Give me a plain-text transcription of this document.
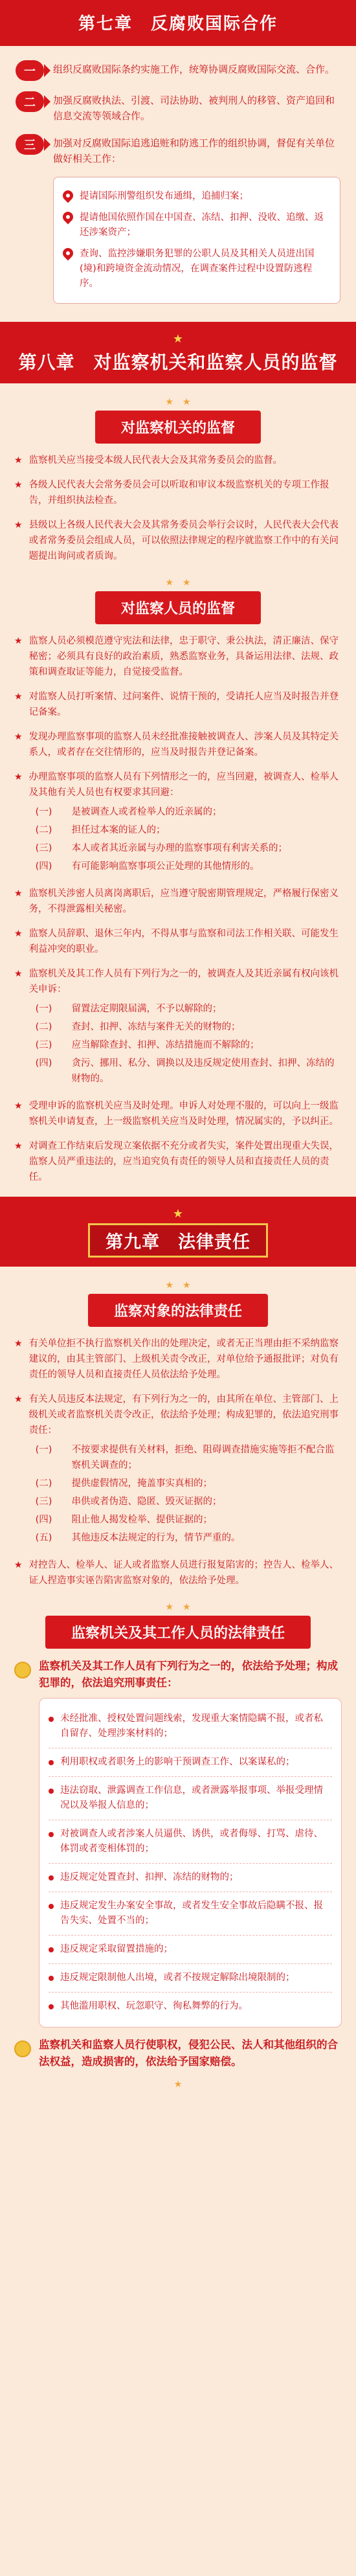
第七章　反腐败国际合作
一	组织反腐败国际条约实施工作，统筹协调反腐败国际交流、合作。
二	加强反腐败执法、引渡、司法协助、被判刑人的移管、资产追回和信息交流等领域合作。
三	加强对反腐败国际追逃追赃和防逃工作的组织协调，督促有关单位做好相关工作：
提请国际刑警组织发布通缉，追捕归案；
提请他国依照作国在中国查、冻结、扣押、没收、追缴、返还涉案资产；
查询、监控涉嫌职务犯罪的公职人员及其相关人员进出国(境)和跨境资金流动情况，在调查案件过程中设置防逃程序。
★
第八章　对监察机关和监察人员的监督
★　★
对监察机关的监督
★ 监察机关应当接受本级人民代表大会及其常务委员会的监督。
★ 各级人民代表大会常务委员会可以听取和审议本级监察机关的专项工作报告，并组织执法检查。
★ 县级以上各级人民代表大会及其常务委员会举行会议时，人民代表大会代表或者常务委员会组成人员，可以依照法律规定的程序就监察工作中的有关问题提出询问或者质询。
★　★
对监察人员的监督
★ 监察人员必须模范遵守宪法和法律，忠于职守、秉公执法，清正廉洁、保守秘密；必须具有良好的政治素质，熟悉监察业务，具备运用法律、法规、政策和调查取证等能力，自觉接受监督。
★ 对监察人员打听案情、过问案件、说情干预的，受请托人应当及时报告并登记备案。
★ 发现办理监察事项的监察人员未经批准接触被调查人、涉案人员及其特定关系人，或者存在交往情形的，应当及时报告并登记备案。
★ 办理监察事项的监察人员有下列情形之一的，应当回避，被调查人、检举人及其他有关人员也有权要求其回避：
(一)	是被调查人或者检举人的近亲属的；
(二)	担任过本案的证人的；
(三)	本人或者其近亲属与办理的监察事项有利害关系的；
(四)	有可能影响监察事项公正处理的其他情形的。
★ 监察机关涉密人员离岗离职后，应当遵守脱密期管理规定，严格履行保密义务，不得泄露相关秘密。
★ 监察人员辞职、退休三年内，不得从事与监察和司法工作相关联、可能发生利益冲突的职业。
★ 监察机关及其工作人员有下列行为之一的，被调查人及其近亲属有权向该机关申诉：
(一)	留置法定期限届满，不予以解除的；
(二)	查封、扣押、冻结与案件无关的财物的；
(三)	应当解除查封、扣押、冻结措施而不解除的；
(四)	贪污、挪用、私分、调换以及违反规定使用查封、扣押、冻结的财物的。
★ 受理申诉的监察机关应当及时处理。申诉人对处理不服的，可以向上一级监察机关申请复查，上一级监察机关应当及时处理，情况属实的，予以纠正。
★ 对调查工作结束后发现立案依据不充分或者失实，案件处置出现重大失误，监察人员严重违法的，应当追究负有责任的领导人员和直接责任人员的责任。
★
第九章　法律责任
★　★
监察对象的法律责任
★ 有关单位拒不执行监察机关作出的处理决定，或者无正当理由拒不采纳监察建议的，由其主管部门、上级机关责令改正，对单位给予通报批评；对负有责任的领导人员和直接责任人员依法给予处理。
★ 有关人员违反本法规定，有下列行为之一的，由其所在单位、主管部门、上级机关或者监察机关责令改正，依法给予处理；构成犯罪的，依法追究刑事责任：
(一)	不按要求提供有关材料，拒绝、阻碍调查措施实施等拒不配合监察机关调查的；
(二)	提供虚假情况，掩盖事实真相的；
(三)	串供或者伪造、隐匿、毁灭证据的；
(四)	阻止他人揭发检举、提供证据的；
(五)	其他违反本法规定的行为，情节严重的。
★ 对控告人、检举人、证人或者监察人员进行报复陷害的；控告人、检举人、证人捏造事实诬告陷害监察对象的，依法给予处理。
★　★
监察机关及其工作人员的法律责任
监察机关及其工作人员有下列行为之一的，依法给予处理；构成犯罪的，依法追究刑事责任：
未经批准、授权处置问题线索，发现重大案情隐瞒不报，或者私自留存、处理涉案材料的；
利用职权或者职务上的影响干预调查工作、以案谋私的；
违法窃取、泄露调查工作信息，或者泄露举报事项、举报受理情况以及举报人信息的；
对被调查人或者涉案人员逼供、诱供，或者侮辱、打骂、虐待、体罚或者变相体罚的；
违反规定处置查封、扣押、冻结的财物的；
违反规定发生办案安全事故，或者发生安全事故后隐瞒不报、报告失实、处置不当的；
违反规定采取留置措施的；
违反规定限制他人出境，或者不按规定解除出境限制的；
其他滥用职权、玩忽职守、徇私舞弊的行为。
监察机关和监察人员行使职权，侵犯公民、法人和其他组织的合法权益，造成损害的，依法给予国家赔偿。
★
